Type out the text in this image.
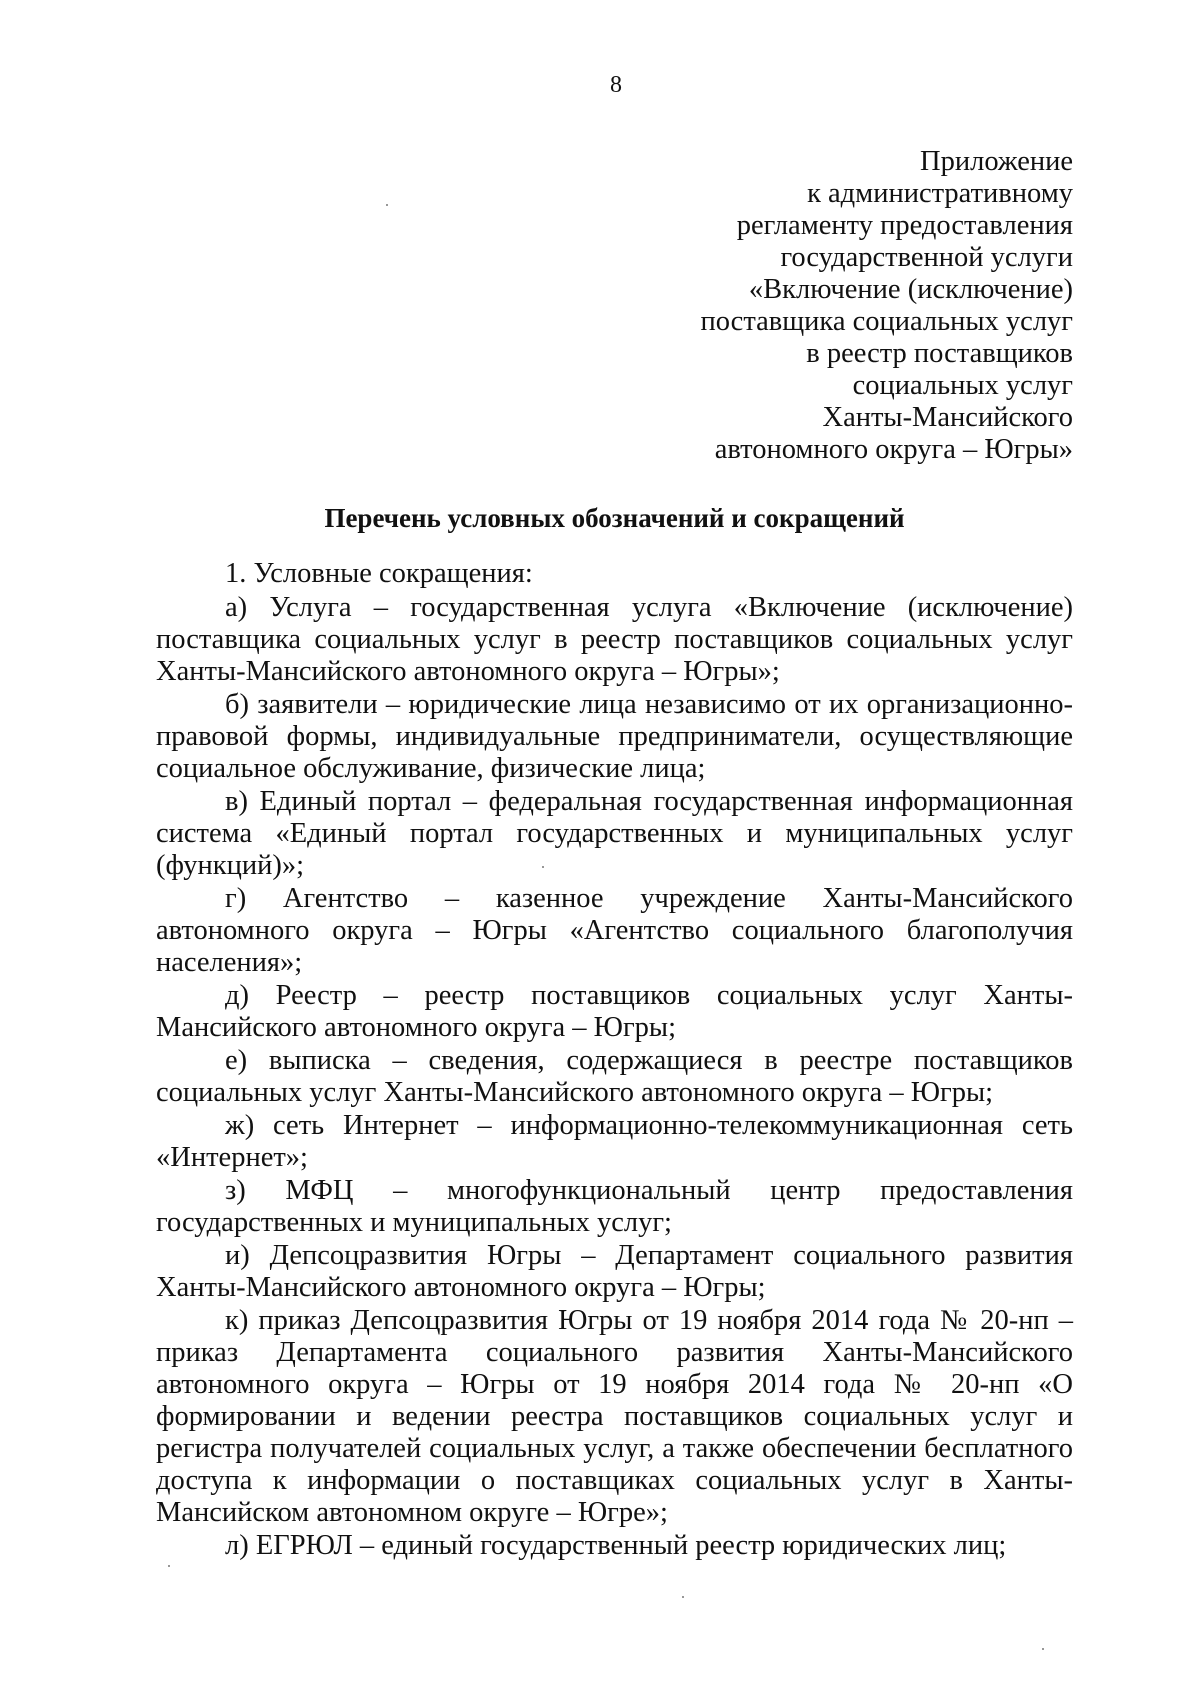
8
Приложение
к административному
регламенту предоставления
государственной услуги
«Включение (исключение)
поставщика социальных услуг
в реестр поставщиков
социальных услуг
Ханты-Мансийского
автономного округа – Югры»
Перечень условных обозначений и сокращений

1. Условные сокращения:

а) Услуга – государственная услуга «Включение (исключение) поставщика социальных услуг в реестр поставщиков социальных услуг Ханты-Мансийского автономного округа – Югры»;

б) заявители – юридические лица независимо от их организационно-правовой формы, индивидуальные предприниматели, осуществляющие социальное обслуживание, физические лица;

в) Единый портал – федеральная государственная информационная система «Единый портал государственных и муниципальных услуг (функций)»;

г) Агентство – казенное учреждение Ханты-Мансийского автономного округа – Югры «Агентство социального благополучия населения»;

д) Реестр – реестр поставщиков социальных услуг Ханты-Мансийского автономного округа – Югры;

е) выписка – сведения, содержащиеся в реестре поставщиков социальных услуг Ханты-Мансийского автономного округа – Югры;

ж) сеть Интернет – информационно-телекоммуникационная сеть «Интернет»;

з) МФЦ – многофункциональный центр предоставления государственных и муниципальных услуг;

и) Депсоцразвития Югры – Департамент социального развития Ханты-Мансийского автономного округа – Югры;

к) приказ Депсоцразвития Югры от 19 ноября 2014 года № 20-нп – приказ Департамента социального развития Ханты-Мансийского автономного округа – Югры от 19 ноября 2014 года № 20-нп «О формировании и ведении реестра поставщиков социальных услуг и регистра получателей социальных услуг, а также обеспечении бесплатного доступа к информации о поставщиках социальных услуг в Ханты-Мансийском автономном округе – Югре»;

л) ЕГРЮЛ – единый государственный реестр юридических лиц;
